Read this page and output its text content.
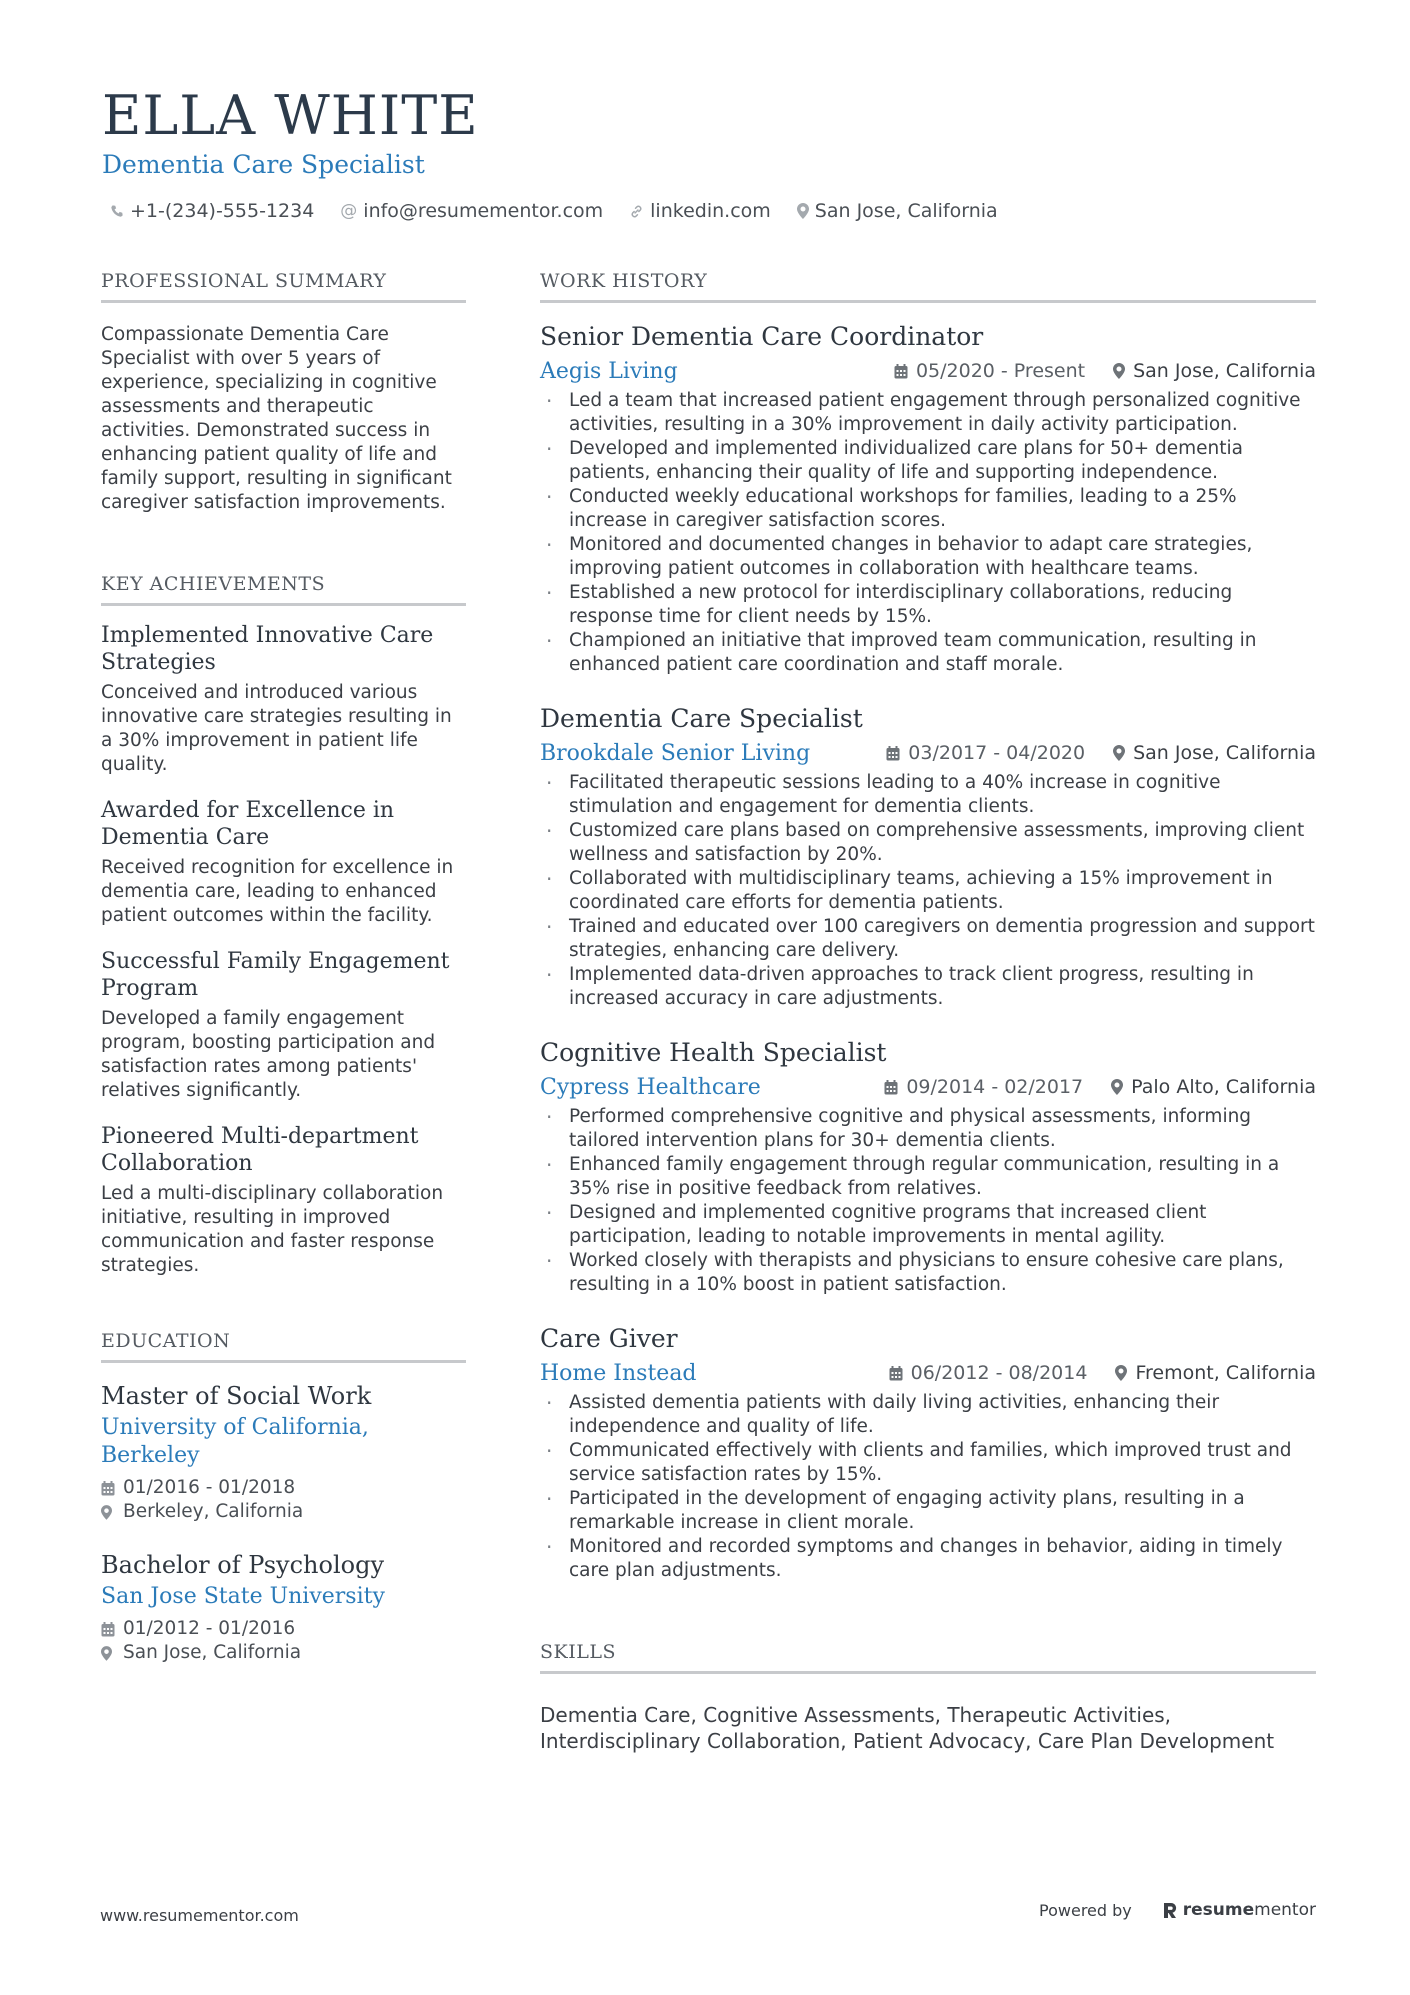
ELLA WHITE
Dementia Care Specialist
+1-(234)-555-1234 @ info@resumementor.com linkedin.com San Jose, California
PROFESSIONAL SUMMARY

Compassionate Dementia Care Specialist with over 5 years of experience, specializing in cognitive assessments and therapeutic activities. Demonstrated success in enhancing patient quality of life and family support, resulting in significant caregiver satisfaction improvements.

KEY ACHIEVEMENTS
Implemented Innovative Care Strategies
Conceived and introduced various innovative care strategies resulting in a 30% improvement in patient life quality.
Awarded for Excellence in Dementia Care
Received recognition for excellence in dementia care, leading to enhanced patient outcomes within the facility.
Successful Family Engagement Program
Developed a family engagement program, boosting participation and satisfaction rates among patients' relatives significantly.
Pioneered Multi-department Collaboration
Led a multi-disciplinary collaboration initiative, resulting in improved communication and faster response strategies.
EDUCATION
Master of Social Work
University of California, Berkeley
01/2016 - 01/2018
Berkeley, California
Bachelor of Psychology
San Jose State University
01/2012 - 01/2016
San Jose, California
WORK HISTORY
Senior Dementia Care Coordinator
Aegis Living	05/2020 - Present	San Jose, California
· Led a team that increased patient engagement through personalized cognitive activities, resulting in a 30% improvement in daily activity participation.
· Developed and implemented individualized care plans for 50+ dementia patients, enhancing their quality of life and supporting independence.
· Conducted weekly educational workshops for families, leading to a 25% increase in caregiver satisfaction scores.
· Monitored and documented changes in behavior to adapt care strategies, improving patient outcomes in collaboration with healthcare teams.
· Established a new protocol for interdisciplinary collaborations, reducing response time for client needs by 15%.
· Championed an initiative that improved team communication, resulting in enhanced patient care coordination and staff morale.
Dementia Care Specialist
Brookdale Senior Living	03/2017 - 04/2020	San Jose, California
· Facilitated therapeutic sessions leading to a 40% increase in cognitive stimulation and engagement for dementia clients.
· Customized care plans based on comprehensive assessments, improving client wellness and satisfaction by 20%.
· Collaborated with multidisciplinary teams, achieving a 15% improvement in coordinated care efforts for dementia patients.
· Trained and educated over 100 caregivers on dementia progression and support strategies, enhancing care delivery.
· Implemented data-driven approaches to track client progress, resulting in increased accuracy in care adjustments.
Cognitive Health Specialist
Cypress Healthcare	09/2014 - 02/2017	Palo Alto, California
· Performed comprehensive cognitive and physical assessments, informing tailored intervention plans for 30+ dementia clients.
· Enhanced family engagement through regular communication, resulting in a 35% rise in positive feedback from relatives.
· Designed and implemented cognitive programs that increased client participation, leading to notable improvements in mental agility.
· Worked closely with therapists and physicians to ensure cohesive care plans, resulting in a 10% boost in patient satisfaction.
Care Giver
Home Instead	06/2012 - 08/2014	Fremont, California
· Assisted dementia patients with daily living activities, enhancing their independence and quality of life.
· Communicated effectively with clients and families, which improved trust and service satisfaction rates by 15%.
· Participated in the development of engaging activity plans, resulting in a remarkable increase in client morale.
· Monitored and recorded symptoms and changes in behavior, aiding in timely care plan adjustments.
SKILLS

Dementia Care, Cognitive Assessments, Therapeutic Activities, Interdisciplinary Collaboration, Patient Advocacy, Care Plan Development

www.resumementor.com	Powered by	resume mentor
